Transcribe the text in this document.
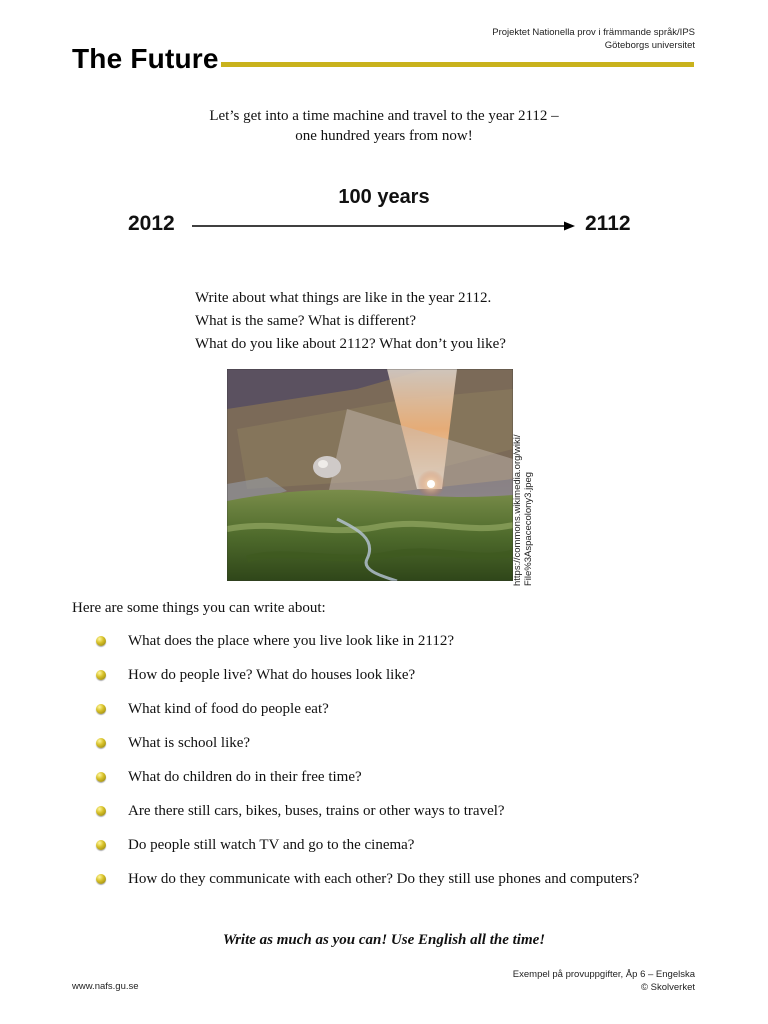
Projektet Nationella prov i främmande språk/IPS
Göteborgs universitet
The Future
Let’s get into a time machine and travel to the year 2112 –
one hundred years from now!
100 years
2012	2112
Write about what things are like in the year 2112.
What is the same? What is different?
What do you like about 2112? What don’t you like?
https://commons.wikimedia.org/wiki/ File%3Aspacecolony3.jpeg
Here are some things you can write about:
What does the place where you live look like in 2112?
How do people live? What do houses look like?
What kind of food do people eat?
What is school like?
What do children do in their free time?
Are there still cars, bikes, buses, trains or other ways to travel?
Do people still watch TV and go to the cinema?
How do they communicate with each other? Do they still use phones and computers?
Write as much as you can! Use English all the time!
www.nafs.gu.se
Exempel på provuppgifter, Åp 6 – Engelska
© Skolverket
